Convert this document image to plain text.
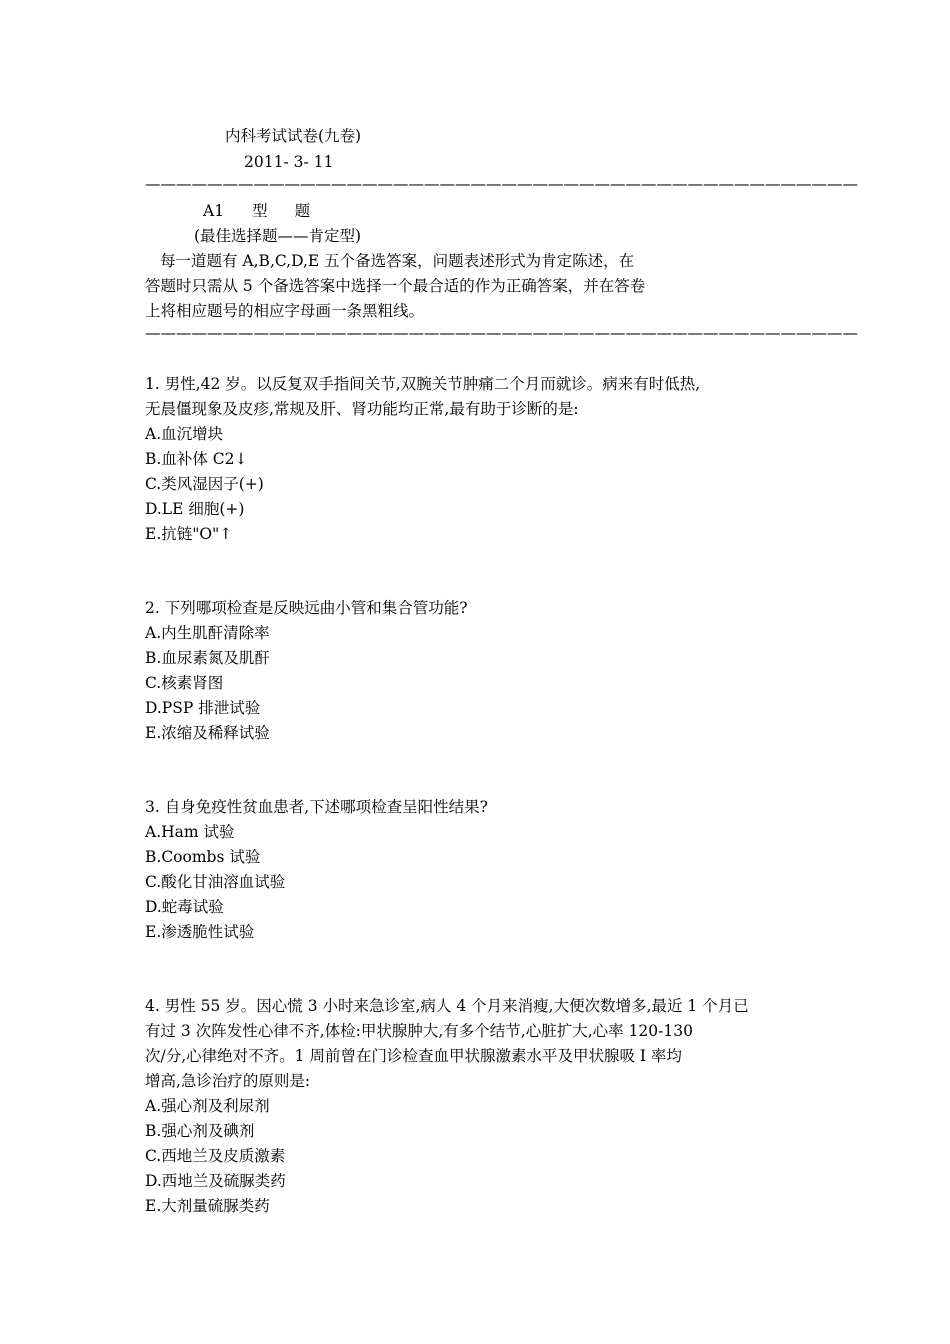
内科考试试卷(九卷)
2011- 3- 11
——————————————————————————————————————————————
A1 型 题
(最佳选择题——肯定型)
每一道题有 A,B,C,D,E 五个备选答案，问题表述形式为肯定陈述，在
答题时只需从 5 个备选答案中选择一个最合适的作为正确答案，并在答卷
上将相应题号的相应字母画一条黑粗线。
——————————————————————————————————————————————
1. 男性,42 岁。以反复双手指间关节,双腕关节肿痛二个月而就诊。病来有时低热,
无晨僵现象及皮疹,常规及肝、肾功能均正常,最有助于诊断的是:
A.血沉增块
B.血补体 C2↓
C.类风湿因子(+)
D.LE 细胞(+)
E.抗链"O"↑
2. 下列哪项检查是反映远曲小管和集合管功能?
A.内生肌酐清除率
B.血尿素氮及肌酐
C.核素肾图
D.PSP 排泄试验
E.浓缩及稀释试验
3. 自身免疫性贫血患者,下述哪项检查呈阳性结果?
A.Ham 试验
B.Coombs 试验
C.酸化甘油溶血试验
D.蛇毒试验
E.渗透脆性试验
4. 男性 55 岁。因心慌 3 小时来急诊室,病人 4 个月来消瘦,大便次数增多,最近 1 个月已
有过 3 次阵发性心律不齐,体检:甲状腺肿大,有多个结节,心脏扩大,心率 120-130
次/分,心律绝对不齐。1 周前曾在门诊检查血甲状腺激素水平及甲状腺吸 I 率均
增高,急诊治疗的原则是:
A.强心剂及利尿剂
B.强心剂及碘剂
C.西地兰及皮质激素
D.西地兰及硫脲类药
E.大剂量硫脲类药
